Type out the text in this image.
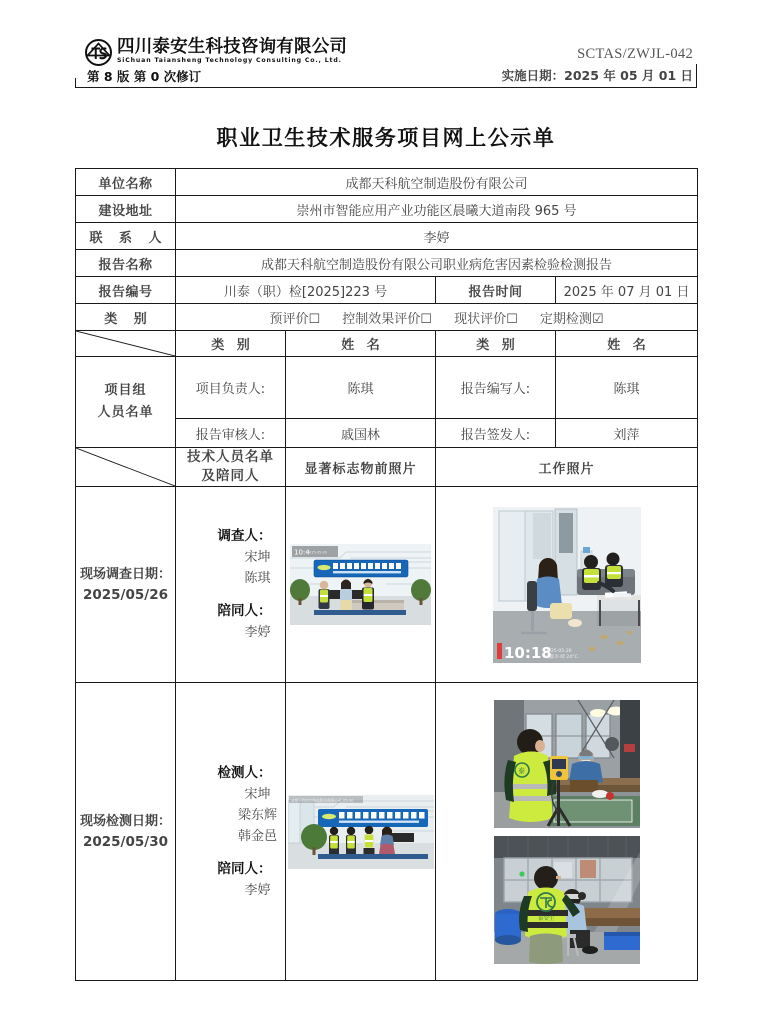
四川泰安生科技咨询有限公司
SiChuan Taiansheng Technology Consulting Co., Ltd.	SCTAS/ZWJL-042
第 8 版 第 0 次修订	实施日期：2025 年 05 月 01 日
职业卫生技术服务项目网上公示单
单位名称	成都天科航空制造股份有限公司			
建设地址	崇州市智能应用产业功能区晨曦大道南段 965 号			
联 系 人	李婷			
报告名称	成都天科航空制造股份有限公司职业病危害因素检验检测报告			
报告编号	川泰（职）检[2025]223 号		报告时间	2025 年 07 月 01 日
类 别	预评价☐ 控制效果评价☐ 现状评价☐ 定期检测☑			

	类 别	姓 名	类 别	姓 名

项目组
人员名单	项目负责人:	陈琪	报告编写人:	陈琪
	报告审核人:	戚国林	报告签发人:	刘萍

技术人员名单
及陪同人	显著标志物前照片	工作照片	

现场调查日期：
2025/05/26
	调查人：
宋坤
陈琪
陪同人：
李婷

10:4
2025-05-26

10:18
2025-05-26
成都市·晴 24°C

现场检测日期：
2025/05/30
	检测人：
宋坤
梁东辉
韩金邑
陪同人：
李婷

成都天科航空制造股份有限公司_05-30

泰
泰安生
